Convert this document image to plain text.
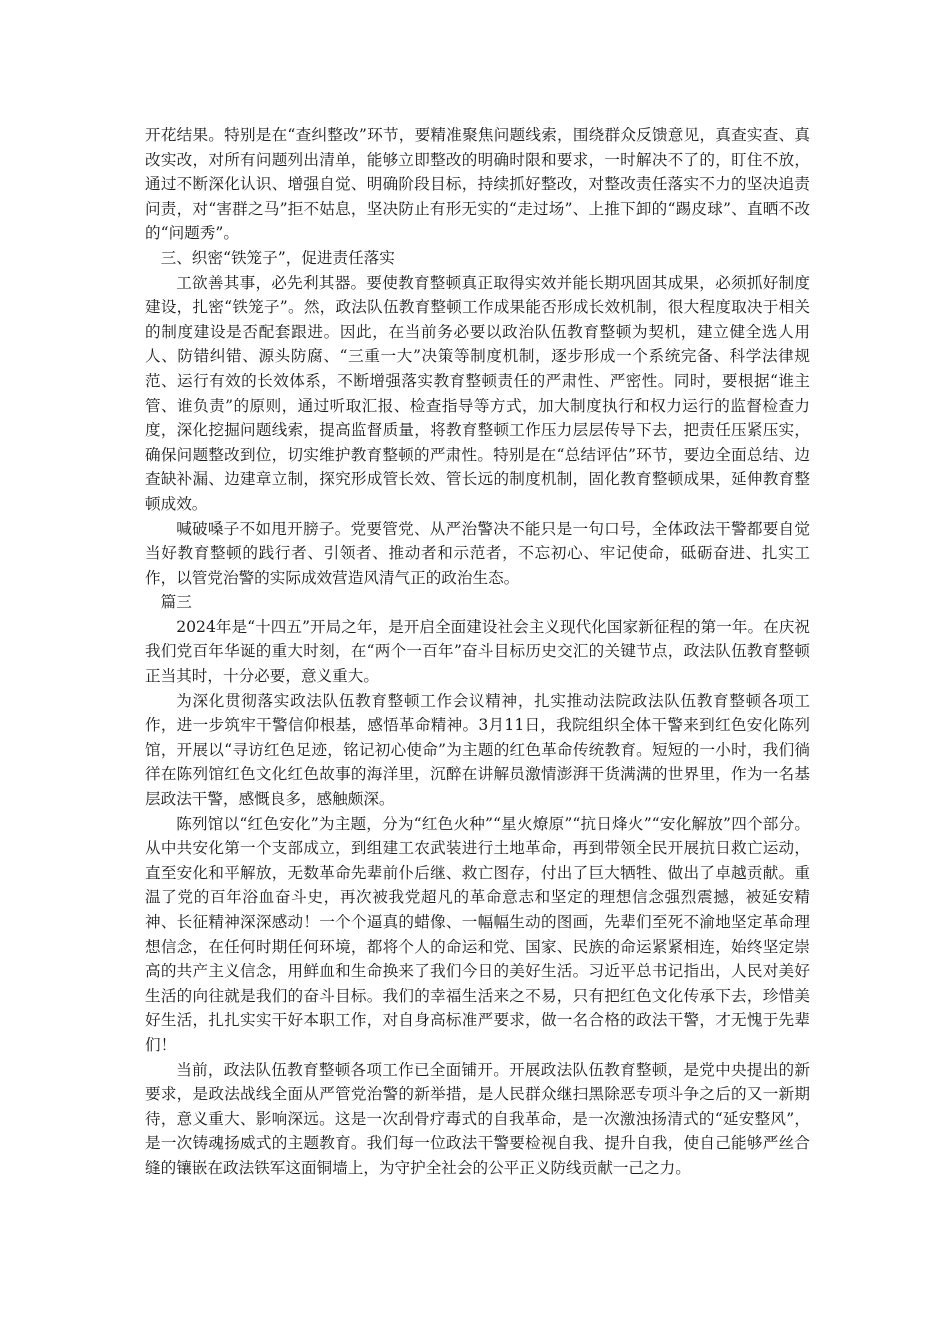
开花结果。特别是在“查纠整改”环节，要精准聚焦问题线索，围绕群众反馈意见，真查实查、真改实改，对所有问题列出清单，能够立即整改的明确时限和要求，一时解决不了的，盯住不放，通过不断深化认识、增强自觉、明确阶段目标，持续抓好整改，对整改责任落实不力的坚决追责问责，对“害群之马”拒不姑息，坚决防止有形无实的“走过场”、上推下卸的“踢皮球”、直晒不改的“问题秀”。

三、织密“铁笼子”，促进责任落实

工欲善其事，必先利其器。要使教育整顿真正取得实效并能长期巩固其成果，必须抓好制度建设，扎密“铁笼子”。然，政法队伍教育整顿工作成果能否形成长效机制，很大程度取决于相关的制度建设是否配套跟进。因此，在当前务必要以政治队伍教育整顿为契机，建立健全选人用人、防错纠错、源头防腐、“三重一大”决策等制度机制，逐步形成一个系统完备、科学法律规范、运行有效的长效体系，不断增强落实教育整顿责任的严肃性、严密性。同时，要根据“谁主管、谁负责”的原则，通过听取汇报、检查指导等方式，加大制度执行和权力运行的监督检查力度，深化挖掘问题线索，提高监督质量，将教育整顿工作压力层层传导下去，把责任压紧压实，确保问题整改到位，切实维护教育整顿的严肃性。特别是在“总结评估”环节，要边全面总结、边查缺补漏、边建章立制，探究形成管长效、管长远的制度机制，固化教育整顿成果，延伸教育整顿成效。

喊破嗓子不如甩开膀子。党要管党、从严治警决不能只是一句口号，全体政法干警都要自觉当好教育整顿的践行者、引领者、推动者和示范者，不忘初心、牢记使命，砥砺奋进、扎实工作，以管党治警的实际成效营造风清气正的政治生态。

篇三

2024年是“十四五”开局之年，是开启全面建设社会主义现代化国家新征程的第一年。在庆祝我们党百年华诞的重大时刻，在“两个一百年”奋斗目标历史交汇的关键节点，政法队伍教育整顿正当其时，十分必要，意义重大。

为深化贯彻落实政法队伍教育整顿工作会议精神，扎实推动法院政法队伍教育整顿各项工作，进一步筑牢干警信仰根基，感悟革命精神。3月11日，我院组织全体干警来到红色安化陈列馆，开展以“寻访红色足迹，铭记初心使命”为主题的红色革命传统教育。短短的一小时，我们徜徉在陈列馆红色文化红色故事的海洋里，沉醉在讲解员激情澎湃干货满满的世界里，作为一名基层政法干警，感慨良多，感触颇深。

陈列馆以“红色安化”为主题，分为“红色火种”“星火燎原”“抗日烽火”“安化解放”四个部分。从中共安化第一个支部成立，到组建工农武装进行土地革命，再到带领全民开展抗日救亡运动，直至安化和平解放，无数革命先辈前仆后继、救亡图存，付出了巨大牺牲、做出了卓越贡献。重温了党的百年浴血奋斗史，再次被我党超凡的革命意志和坚定的理想信念强烈震撼，被延安精神、长征精神深深感动！一个个逼真的蜡像、一幅幅生动的图画，先辈们至死不渝地坚定革命理想信念，在任何时期任何环境，都将个人的命运和党、国家、民族的命运紧紧相连，始终坚定崇高的共产主义信念，用鲜血和生命换来了我们今日的美好生活。习近平总书记指出，人民对美好生活的向往就是我们的奋斗目标。我们的幸福生活来之不易，只有把红色文化传承下去，珍惜美好生活，扎扎实实干好本职工作，对自身高标准严要求，做一名合格的政法干警，才无愧于先辈们！

当前，政法队伍教育整顿各项工作已全面铺开。开展政法队伍教育整顿，是党中央提出的新要求，是政法战线全面从严管党治警的新举措，是人民群众继扫黑除恶专项斗争之后的又一新期待，意义重大、影响深远。这是一次刮骨疗毒式的自我革命，是一次激浊扬清式的“延安整风”，是一次铸魂扬威式的主题教育。我们每一位政法干警要检视自我、提升自我，使自己能够严丝合缝的镶嵌在政法铁军这面铜墙上，为守护全社会的公平正义防线贡献一己之力。
